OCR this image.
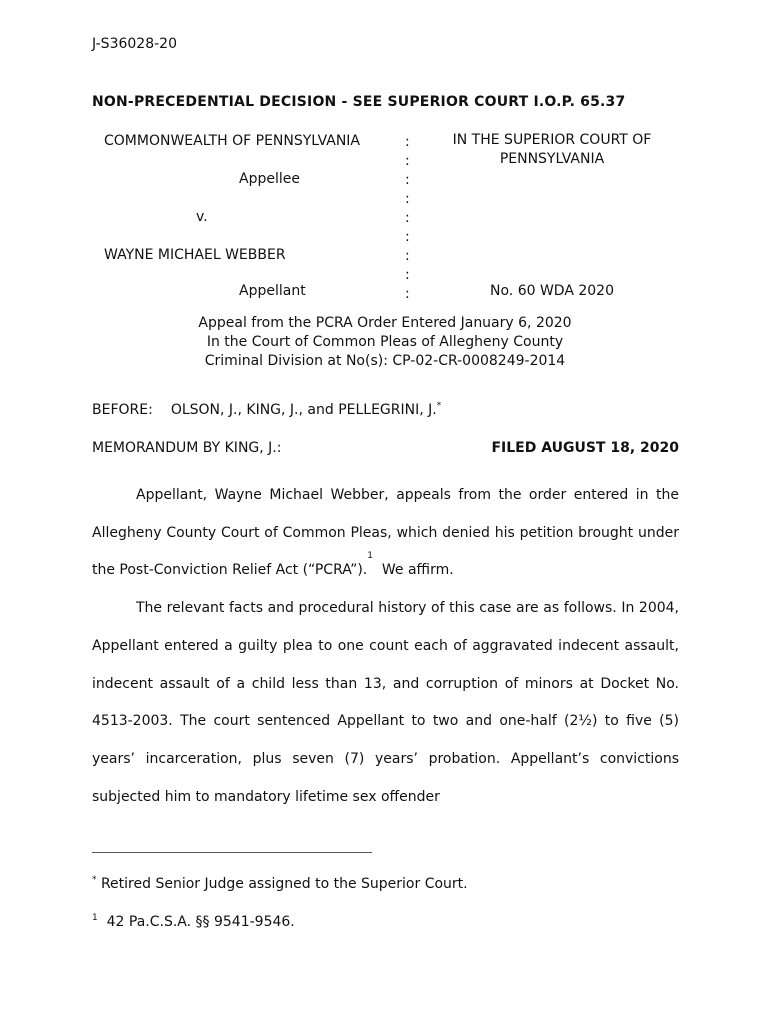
J-S36028-20
NON-PRECEDENTIAL DECISION - SEE SUPERIOR COURT I.O.P. 65.37
COMMONWEALTH OF PENNSYLVANIA
Appellee
v.
WAYNE MICHAEL WEBBER
Appellant
:
:
:
:
:
:
:
:
:
IN THE SUPERIOR COURT OF PENNSYLVANIA
No. 60 WDA 2020
Appeal from the PCRA Order Entered January 6, 2020
In the Court of Common Pleas of Allegheny County
Criminal Division at No(s): CP-02-CR-0008249-2014
BEFORE: OLSON, J., KING, J., and PELLEGRINI, J.*
MEMORANDUM BY KING, J.:	FILED AUGUST 18, 2020

Appellant, Wayne Michael Webber, appeals from the order entered in the Allegheny County Court of Common Pleas, which denied his petition brought under the Post-Conviction Relief Act (“PCRA”).$^1$  We affirm.

The relevant facts and procedural history of this case are as follows. In 2004, Appellant entered a guilty plea to one count each of aggravated indecent assault, indecent assault of a child less than 13, and corruption of minors at Docket No. 4513-2003. The court sentenced Appellant to two and one-half (2½) to five (5) years’ incarceration, plus seven (7) years’ probation. Appellant’s convictions subjected him to mandatory lifetime sex offender

* Retired Senior Judge assigned to the Superior Court.
$^1$ 42 Pa.C.S.A. §§ 9541-9546.
